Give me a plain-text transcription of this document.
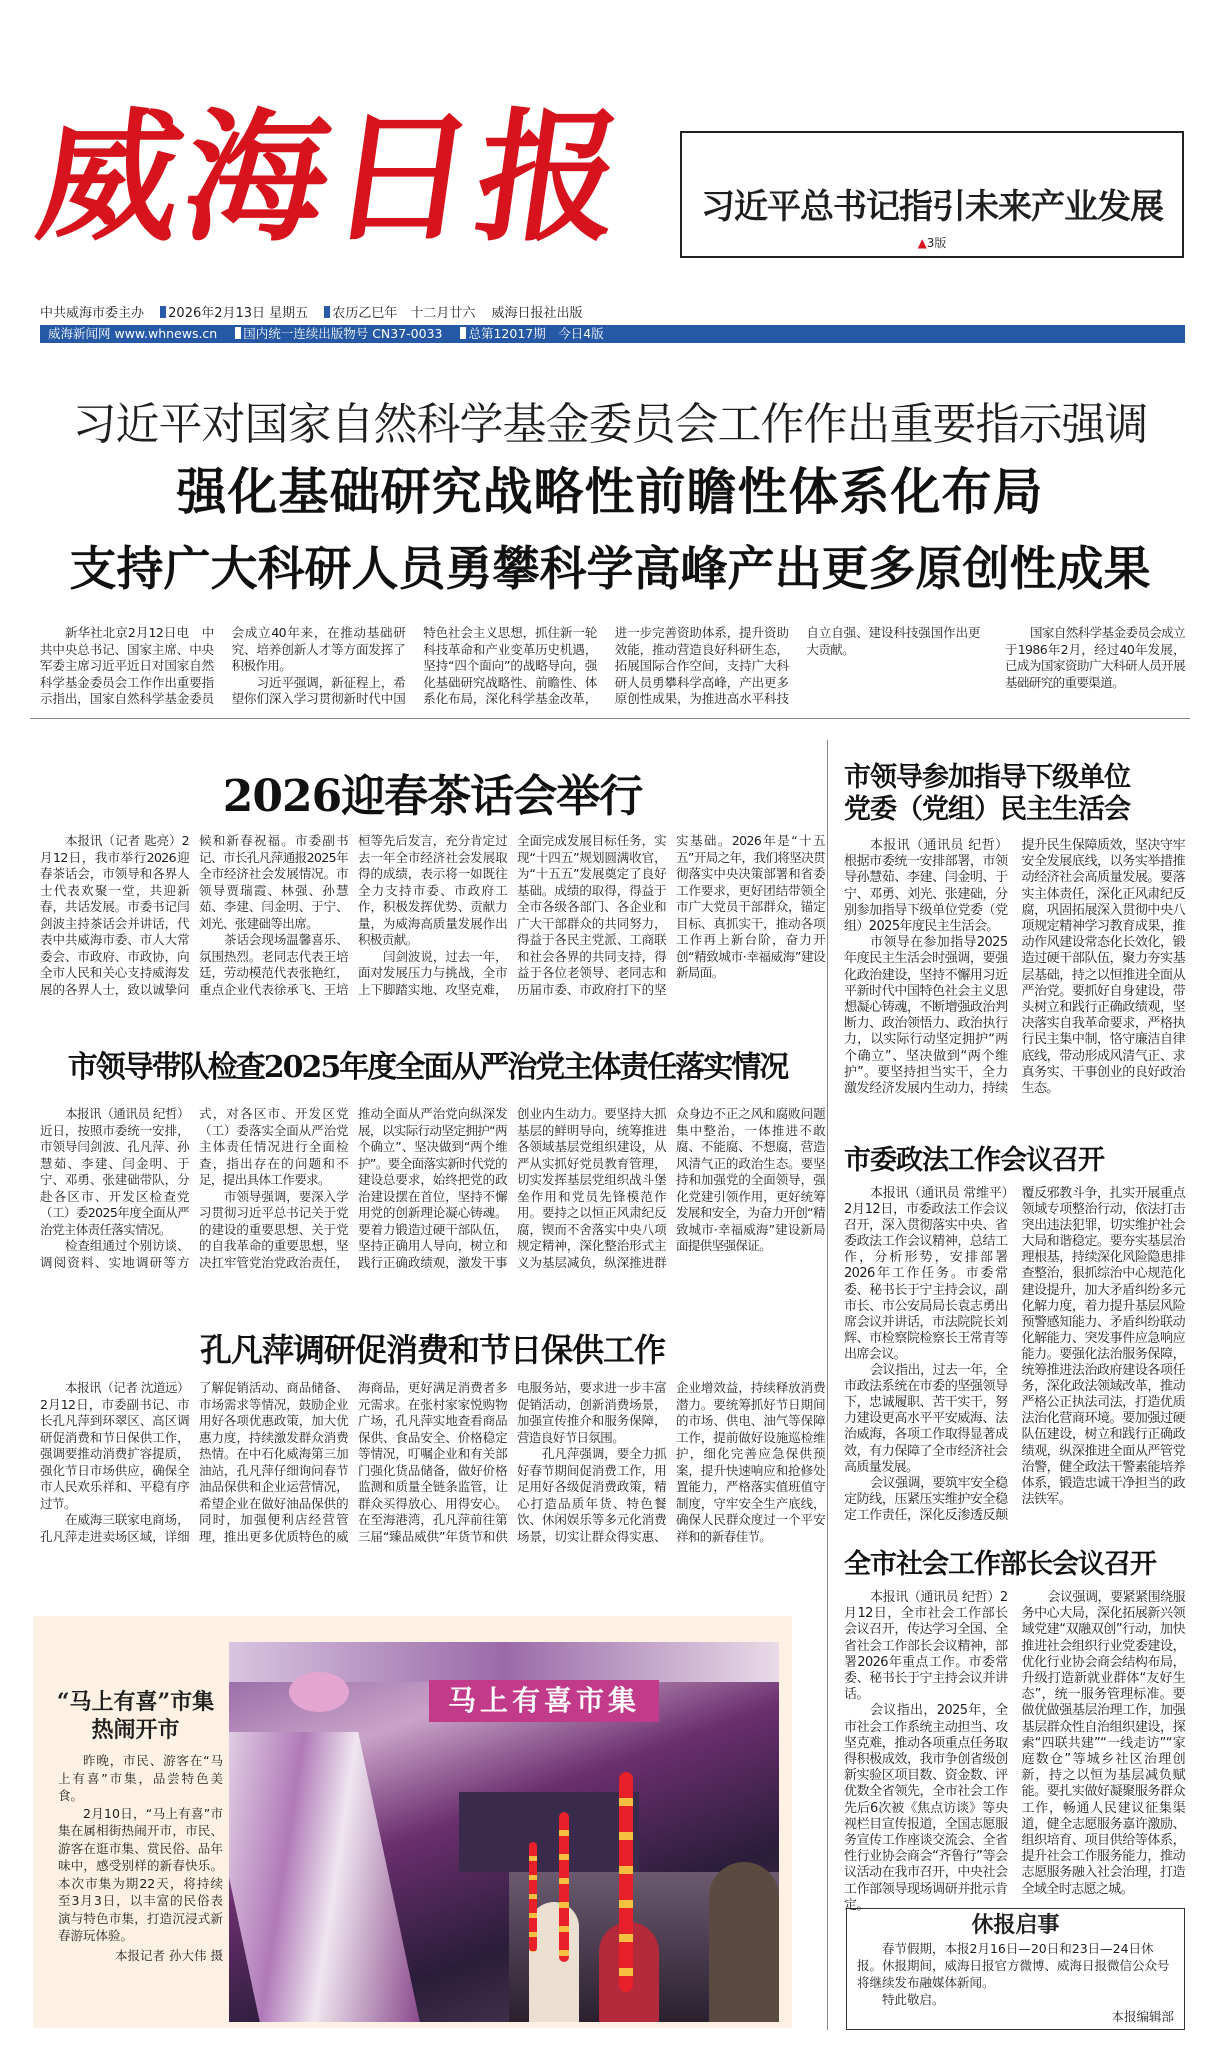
威海日报	习近平总书记指引未来产业发展
▲3版
中共威海市委主办 2026年2月13日 星期五 农历乙巳年　十二月廿六 威海日报社出版
威海新闻网 www.whnews.cn 国内统一连续出版物号 CN37-0033 总第12017期　今日4版
习近平对国家自然科学基金委员会工作作出重要指示强调
强化基础研究战略性前瞻性体系化布局
支持广大科研人员勇攀科学高峰产出更多原创性成果

新华社北京2月12日电　中共中央总书记、国家主席、中央军委主席习近平近日对国家自然科学基金委员会工作作出重要指示指出，国家自然科学基金委员会成立40年来，在推动基础研究、培养创新人才等方面发挥了积极作用。

习近平强调，新征程上，希望你们深入学习贯彻新时代中国特色社会主义思想，抓住新一轮科技革命和产业变革历史机遇，坚持“四个面向”的战略导向，强化基础研究战略性、前瞻性、体系化布局，深化科学基金改革，进一步完善资助体系，提升资助效能，推动营造良好科研生态，拓展国际合作空间，支持广大科研人员勇攀科学高峰，产出更多原创性成果，为推进高水平科技自立自强、建设科技强国作出更大贡献。

国家自然科学基金委员会成立于1986年2月，经过40年发展，已成为国家资助广大科研人员开展基础研究的重要渠道。

2026迎春茶话会举行

本报讯（记者 匙亮）2月12日，我市举行2026迎春茶话会，市领导和各界人士代表欢聚一堂，共迎新春，共话发展。市委书记闫剑波主持茶话会并讲话，代表中共威海市委、市人大常委会、市政府、市政协，向全市人民和关心支持威海发展的各界人士，致以诚挚问候和新春祝福。市委副书记、市长孔凡萍通报2025年全市经济社会发展情况。市领导贾瑞霞、林强、孙慧茹、李建、闫金明、于宁、刘光、张建础等出席。

茶话会现场温馨喜乐、氛围热烈。老同志代表王培廷，劳动模范代表张艳红，重点企业代表徐承飞、王培桓等先后发言，充分肯定过去一年全市经济社会发展取得的成绩，表示将一如既往全力支持市委、市政府工作，积极发挥优势、贡献力量，为威海高质量发展作出积极贡献。

闫剑波说，过去一年，面对发展压力与挑战，全市上下脚踏实地、攻坚克难，全面完成发展目标任务，实现“十四五”规划圆满收官，为“十五五”发展奠定了良好基础。成绩的取得，得益于全市各级各部门、各企业和广大干部群众的共同努力，得益于各民主党派、工商联和社会各界的共同支持，得益于各位老领导、老同志和历届市委、市政府打下的坚实基础。2026年是“十五五”开局之年，我们将坚决贯彻落实中央决策部署和省委工作要求，更好团结带领全市广大党员干部群众，锚定目标、真抓实干，推动各项工作再上新台阶，奋力开创“精致城市·幸福威海”建设新局面。

市领导带队检查2025年度全面从严治党主体责任落实情况

本报讯（通讯员 纪哲）近日，按照市委统一安排，市领导闫剑波、孔凡萍、孙慧茹、李建、闫金明、于宁、邓勇、张建础带队，分赴各区市、开发区检查党（工）委2025年度全面从严治党主体责任落实情况。

检查组通过个别访谈、调阅资料、实地调研等方式，对各区市、开发区党（工）委落实全面从严治党主体责任情况进行全面检查，指出存在的问题和不足，提出具体工作要求。

市领导强调，要深入学习贯彻习近平总书记关于党的建设的重要思想、关于党的自我革命的重要思想，坚决扛牢管党治党政治责任，推动全面从严治党向纵深发展，以实际行动坚定拥护“两个确立”、坚决做到“两个维护”。要全面落实新时代党的建设总要求，始终把党的政治建设摆在首位，坚持不懈用党的创新理论凝心铸魂。要着力锻造过硬干部队伍，坚持正确用人导向，树立和践行正确政绩观，激发干事创业内生动力。要坚持大抓基层的鲜明导向，统筹推进各领域基层党组织建设，从严从实抓好党员教育管理，切实发挥基层党组织战斗堡垒作用和党员先锋模范作用。要持之以恒正风肃纪反腐，锲而不舍落实中央八项规定精神，深化整治形式主义为基层减负，纵深推进群众身边不正之风和腐败问题集中整治，一体推进不敢腐、不能腐、不想腐，营造风清气正的政治生态。要坚持和加强党的全面领导，强化党建引领作用，更好统筹发展和安全，为奋力开创“精致城市·幸福威海”建设新局面提供坚强保证。

孔凡萍调研促消费和节日保供工作

本报讯（记者 沈道远）2月12日，市委副书记、市长孔凡萍到环翠区、高区调研促消费和节日保供工作，强调要推动消费扩容提质，强化节日市场供应，确保全市人民欢乐祥和、平稳有序过节。

在威海三联家电商场，孔凡萍走进卖场区域，详细了解促销活动、商品储备、市场需求等情况，鼓励企业用好各项优惠政策，加大优惠力度，持续激发群众消费热情。在中石化威海第三加油站，孔凡萍仔细询问春节油品保供和企业运营情况，希望企业在做好油品保供的同时，加强便利店经营管理，推出更多优质特色的威海商品，更好满足消费者多元需求。在张村家家悦购物广场，孔凡萍实地查看商品保供、食品安全、价格稳定等情况，叮嘱企业和有关部门强化货品储备，做好价格监测和质量全链条监管，让群众买得放心、用得安心。在至海港湾，孔凡萍前往第三届“臻品威供”年货节和供电服务站，要求进一步丰富促销活动，创新消费场景，加强宣传推介和服务保障，营造良好节日氛围。

孔凡萍强调，要全力抓好春节期间促消费工作，用足用好各级促消费政策，精心打造品质年货、特色餐饮、休闲娱乐等多元化消费场景，切实让群众得实惠、企业增效益，持续释放消费潜力。要统筹抓好节日期间的市场、供电、油气等保障工作，提前做好设施巡检维护，细化完善应急保供预案，提升快速响应和抢修处置能力，严格落实值班值守制度，守牢安全生产底线，确保人民群众度过一个平安祥和的新春佳节。

“马上有喜”市集
热闹开市

昨晚，市民、游客在“马上有喜”市集，品尝特色美食。

2月10日，“马上有喜”市集在属相街热闹开市，市民、游客在逛市集、赏民俗、品年味中，感受别样的新春快乐。本次市集为期22天，将持续至3月3日，以丰富的民俗表演与特色市集，打造沉浸式新春游玩体验。

本报记者 孙大伟 摄
马上有喜市集
市领导参加指导下级单位
党委（党组）民主生活会

本报讯（通讯员 纪哲）根据市委统一安排部署，市领导孙慧茹、李建、闫金明、于宁、邓勇、刘光、张建础，分别参加指导下级单位党委（党组）2025年度民主生活会。

市领导在参加指导2025年度民主生活会时强调，要强化政治建设，坚持不懈用习近平新时代中国特色社会主义思想凝心铸魂，不断增强政治判断力、政治领悟力、政治执行力，以实际行动坚定拥护“两个确立”、坚决做到“两个维护”。要坚持担当实干，全力激发经济发展内生动力，持续提升民生保障质效，坚决守牢安全发展底线，以务实举措推动经济社会高质量发展。要落实主体责任，深化正风肃纪反腐，巩固拓展深入贯彻中央八项规定精神学习教育成果，推动作风建设常态化长效化，锻造过硬干部队伍，聚力夯实基层基础，持之以恒推进全面从严治党。要抓好自身建设，带头树立和践行正确政绩观，坚决落实自我革命要求，严格执行民主集中制，恪守廉洁自律底线，带动形成风清气正、求真务实、干事创业的良好政治生态。

市委政法工作会议召开

本报讯（通讯员 常维平）2月12日，市委政法工作会议召开，深入贯彻落实中央、省委政法工作会议精神，总结工作，分析形势，安排部署2026年工作任务。市委常委、秘书长于宁主持会议，副市长、市公安局局长袁志勇出席会议并讲话，市法院院长刘辉、市检察院检察长王常青等出席会议。

会议指出，过去一年，全市政法系统在市委的坚强领导下，忠诚履职、苦干实干，努力建设更高水平平安威海、法治威海，各项工作取得显著成效，有力保障了全市经济社会高质量发展。

会议强调，要筑牢安全稳定防线，压紧压实维护安全稳定工作责任，深化反渗透反颠覆反邪教斗争，扎实开展重点领域专项整治行动，依法打击突出违法犯罪，切实维护社会大局和谐稳定。要夯实基层治理根基，持续深化风险隐患排查整治，狠抓综治中心规范化建设提升，加大矛盾纠纷多元化解力度，着力提升基层风险预警感知能力、矛盾纠纷联动化解能力、突发事件应急响应能力。要强化法治服务保障，统筹推进法治政府建设各项任务，深化政法领域改革，推动严格公正执法司法，打造优质法治化营商环境。要加强过硬队伍建设，树立和践行正确政绩观，纵深推进全面从严管党治警，健全政法干警素能培养体系，锻造忠诚干净担当的政法铁军。

全市社会工作部长会议召开

本报讯（通讯员 纪哲）2月12日，全市社会工作部长会议召开，传达学习全国、全省社会工作部长会议精神，部署2026年重点工作。市委常委、秘书长于宁主持会议并讲话。

会议指出，2025年，全市社会工作系统主动担当、攻坚克难，推动各项重点任务取得积极成效，我市争创省级创新实验区项目数、资金数、评优数全省领先，全市社会工作先后6次被《焦点访谈》等央视栏目宣传报道，全国志愿服务宣传工作座谈交流会、全省性行业协会商会“齐鲁行”等会议活动在我市召开，中央社会工作部领导现场调研并批示肯定。

会议强调，要紧紧围绕服务中心大局，深化拓展新兴领域党建“双融双创”行动，加快推进社会组织行业党委建设，优化行业协会商会结构布局，升级打造新就业群体“友好生态”，统一服务管理标准。要做优做强基层治理工作，加强基层群众性自治组织建设，探索“四联共建”“一线走访”“家庭数仓”等城乡社区治理创新，持之以恒为基层减负赋能。要扎实做好凝聚服务群众工作，畅通人民建议征集渠道，健全志愿服务嘉许激励、组织培育、项目供给等体系，提升社会工作服务能力，推动志愿服务融入社会治理，打造全域全时志愿之城。

休报启事

春节假期，本报2月16日—20日和23日—24日休报。休报期间，威海日报官方微博、威海日报微信公众号将继续发布融媒体新闻。

特此敬启。

本报编辑部
